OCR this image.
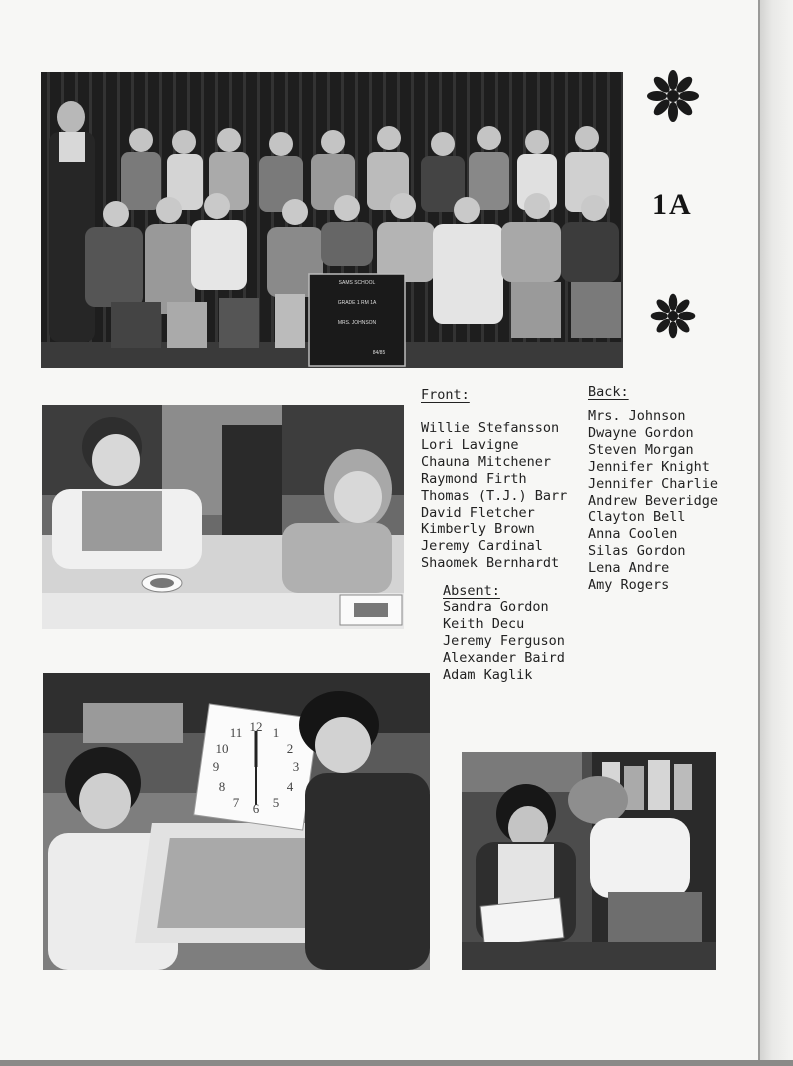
SAMS SCHOOL
GRADE 1 RM 1A
MRS. JOHNSON
84/85
1A
Front:
Willie Stefansson
Lori Lavigne
Chauna Mitchener
Raymond Firth
Thomas (T.J.) Barr
David Fletcher
Kimberly Brown
Jeremy Cardinal
Shaomek Bernhardt
Back:
Mrs. Johnson
Dwayne Gordon
Steven Morgan
Jennifer Knight
Jennifer Charlie
Andrew Beveridge
Clayton Bell
Anna Coolen
Silas Gordon
Lena Andre
Amy Rogers
Absent:
Sandra Gordon
Keith Decu
Jeremy Ferguson
Alexander Baird
Adam Kaglik
12 1
2
3
4
5
6
7
8
9
10
11
